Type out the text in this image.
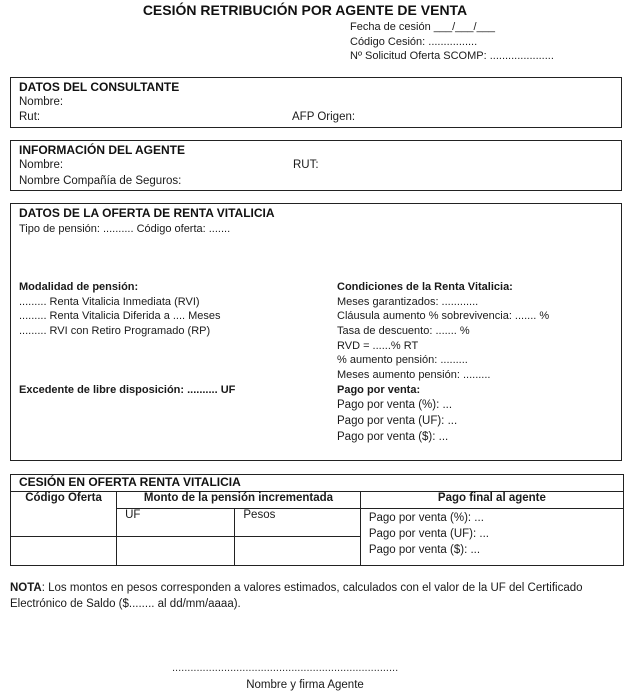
CESIÓN RETRIBUCIÓN POR AGENTE DE VENTA
Fecha de cesión ___/___/___
Código Cesión: ................
Nº Solicitud Oferta SCOMP: .....................
DATOS DEL CONSULTANTE
Nombre:
Rut:	AFP Origen:
INFORMACIÓN DEL AGENTE
Nombre:	RUT:
Nombre Compañía de Seguros:
DATOS DE LA OFERTA DE RENTA VITALICIA
Tipo de pensión: .......... Código oferta: .......
Modalidad de pensión:
......... Renta Vitalicia Inmediata (RVI)
......... Renta Vitalicia Diferida a .... Meses
......... RVI con Retiro Programado (RP)
Condiciones de la Renta Vitalicia:
Meses garantizados: ............
Cláusula aumento % sobrevivencia: ....... %
Tasa de descuento: ....... %
RVD = ......% RT
% aumento pensión: .........
Meses aumento pensión: .........
Excedente de libre disposición: .......... UF	Pago por venta:
Pago por venta (%): ...
Pago por venta (UF): ...
Pago por venta ($): ...
CESIÓN EN OFERTA RENTA VITALICIA			
Código Oferta	Monto de la pensión incrementada		Pago final al agente
	UF	Pesos	Pago por venta (%): ...
Pago por venta (UF): ...
Pago por venta ($): ...

NOTA: Los montos en pesos corresponden a valores estimados, calculados con el valor de la UF del Certificado Electrónico de Saldo ($........ al dd/mm/aaaa).
..........................................................................
Nombre y firma Agente
